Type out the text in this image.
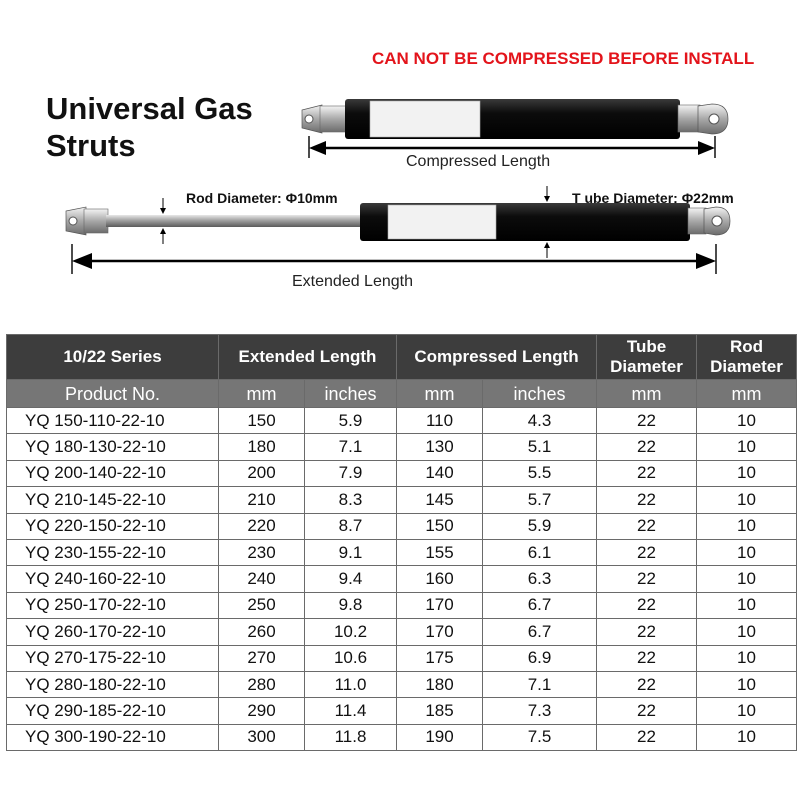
CAN NOT BE COMPRESSED BEFORE INSTALL
Universal Gas Struts	Compressed Length
Rod Diameter: Φ10mm	T ube Diameter: Φ22mm
Extended Length
10/22 Series	Extended Length		Compressed Length		Tube Diameter	Rod Diameter
Product No.	mm	inches	mm	inches	mm	mm
YQ 150-110-22-10	150	5.9	110	4.3	22	10
YQ 180-130-22-10	180	7.1	130	5.1	22	10
YQ 200-140-22-10	200	7.9	140	5.5	22	10
YQ 210-145-22-10	210	8.3	145	5.7	22	10
YQ 220-150-22-10	220	8.7	150	5.9	22	10
YQ 230-155-22-10	230	9.1	155	6.1	22	10
YQ 240-160-22-10	240	9.4	160	6.3	22	10
YQ 250-170-22-10	250	9.8	170	6.7	22	10
YQ 260-170-22-10	260	10.2	170	6.7	22	10
YQ 270-175-22-10	270	10.6	175	6.9	22	10
YQ 280-180-22-10	280	11.0	180	7.1	22	10
YQ 290-185-22-10	290	11.4	185	7.3	22	10
YQ 300-190-22-10	300	11.8	190	7.5	22	10
